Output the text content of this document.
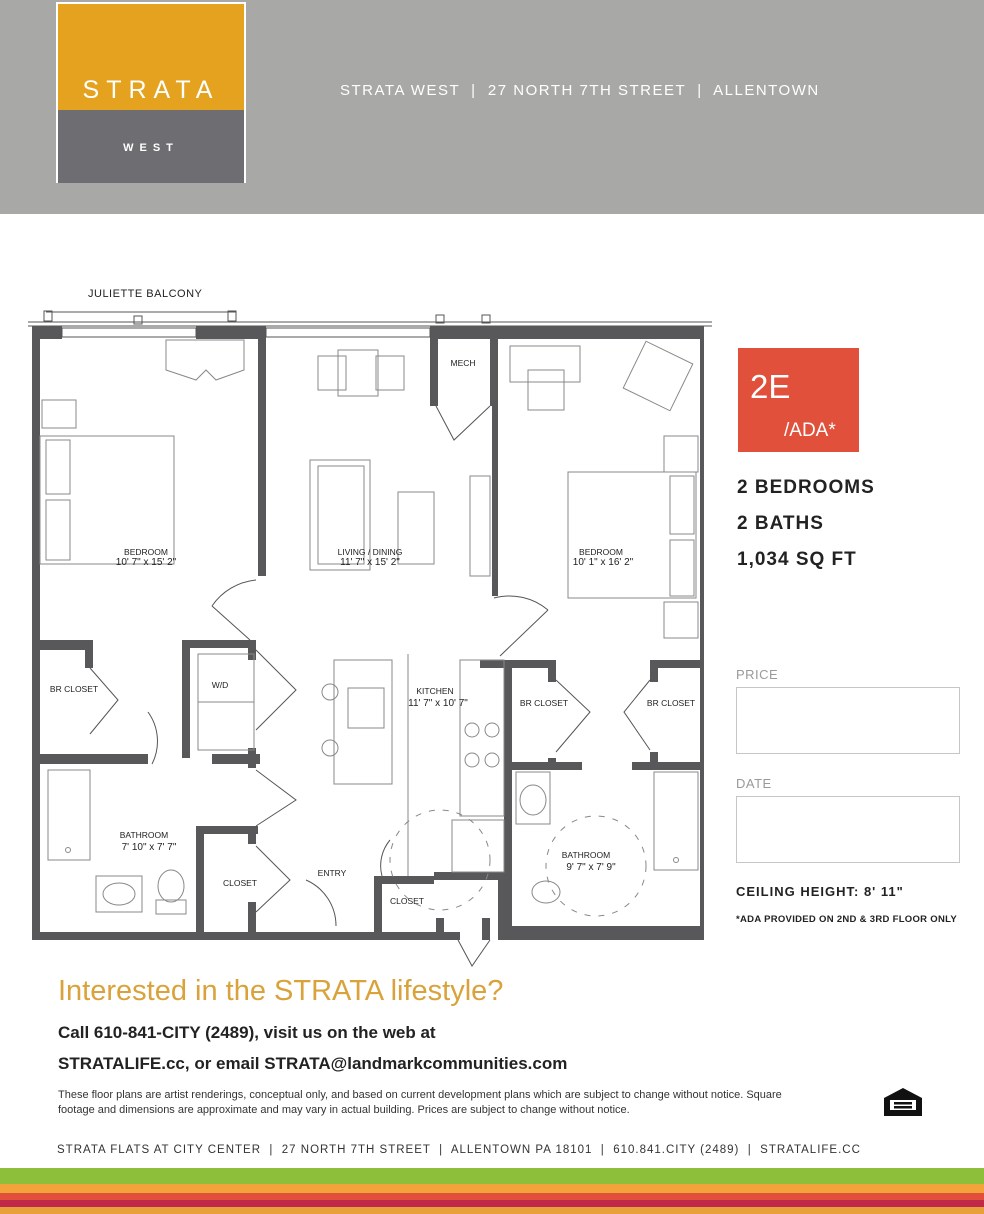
STRATA
WEST
STRATA WEST  |  27 NORTH 7TH STREET  |  ALLENTOWN
JULIETTE BALCONY
BEDROOM
10' 7" x 15' 2"
LIVING / DINING
11' 7" x 15' 2"
BEDROOM
10' 1" x 16' 2"
KITCHEN
11' 7" x 10' 7"
BATHROOM
7' 10" x 7' 7"
BATHROOM
9' 7" x 7' 9"
MECH
W/D
BR CLOSET
BR CLOSET	BR CLOSET
CLOSET
CLOSET
ENTRY
2E
/ADA*
2 BEDROOMS
2 BATHS
1,034 SQ FT
PRICE
DATE
CEILING HEIGHT: 8' 11"
*ADA PROVIDED ON 2ND & 3RD FLOOR ONLY
Interested in the STRATA lifestyle?
Call 610-841-CITY (2489), visit us on the web at
STRATALIFE.cc, or email STRATA@landmarkcommunities.com
These floor plans are artist renderings, conceptual only, and based on current development plans which are subject to change without notice. Square footage and dimensions are approximate and may vary in actual building. Prices are subject to change without notice.
STRATA FLATS AT CITY CENTER  |  27 NORTH 7TH STREET  |  ALLENTOWN PA 18101  |  610.841.CITY (2489)  |  STRATALIFE.CC
